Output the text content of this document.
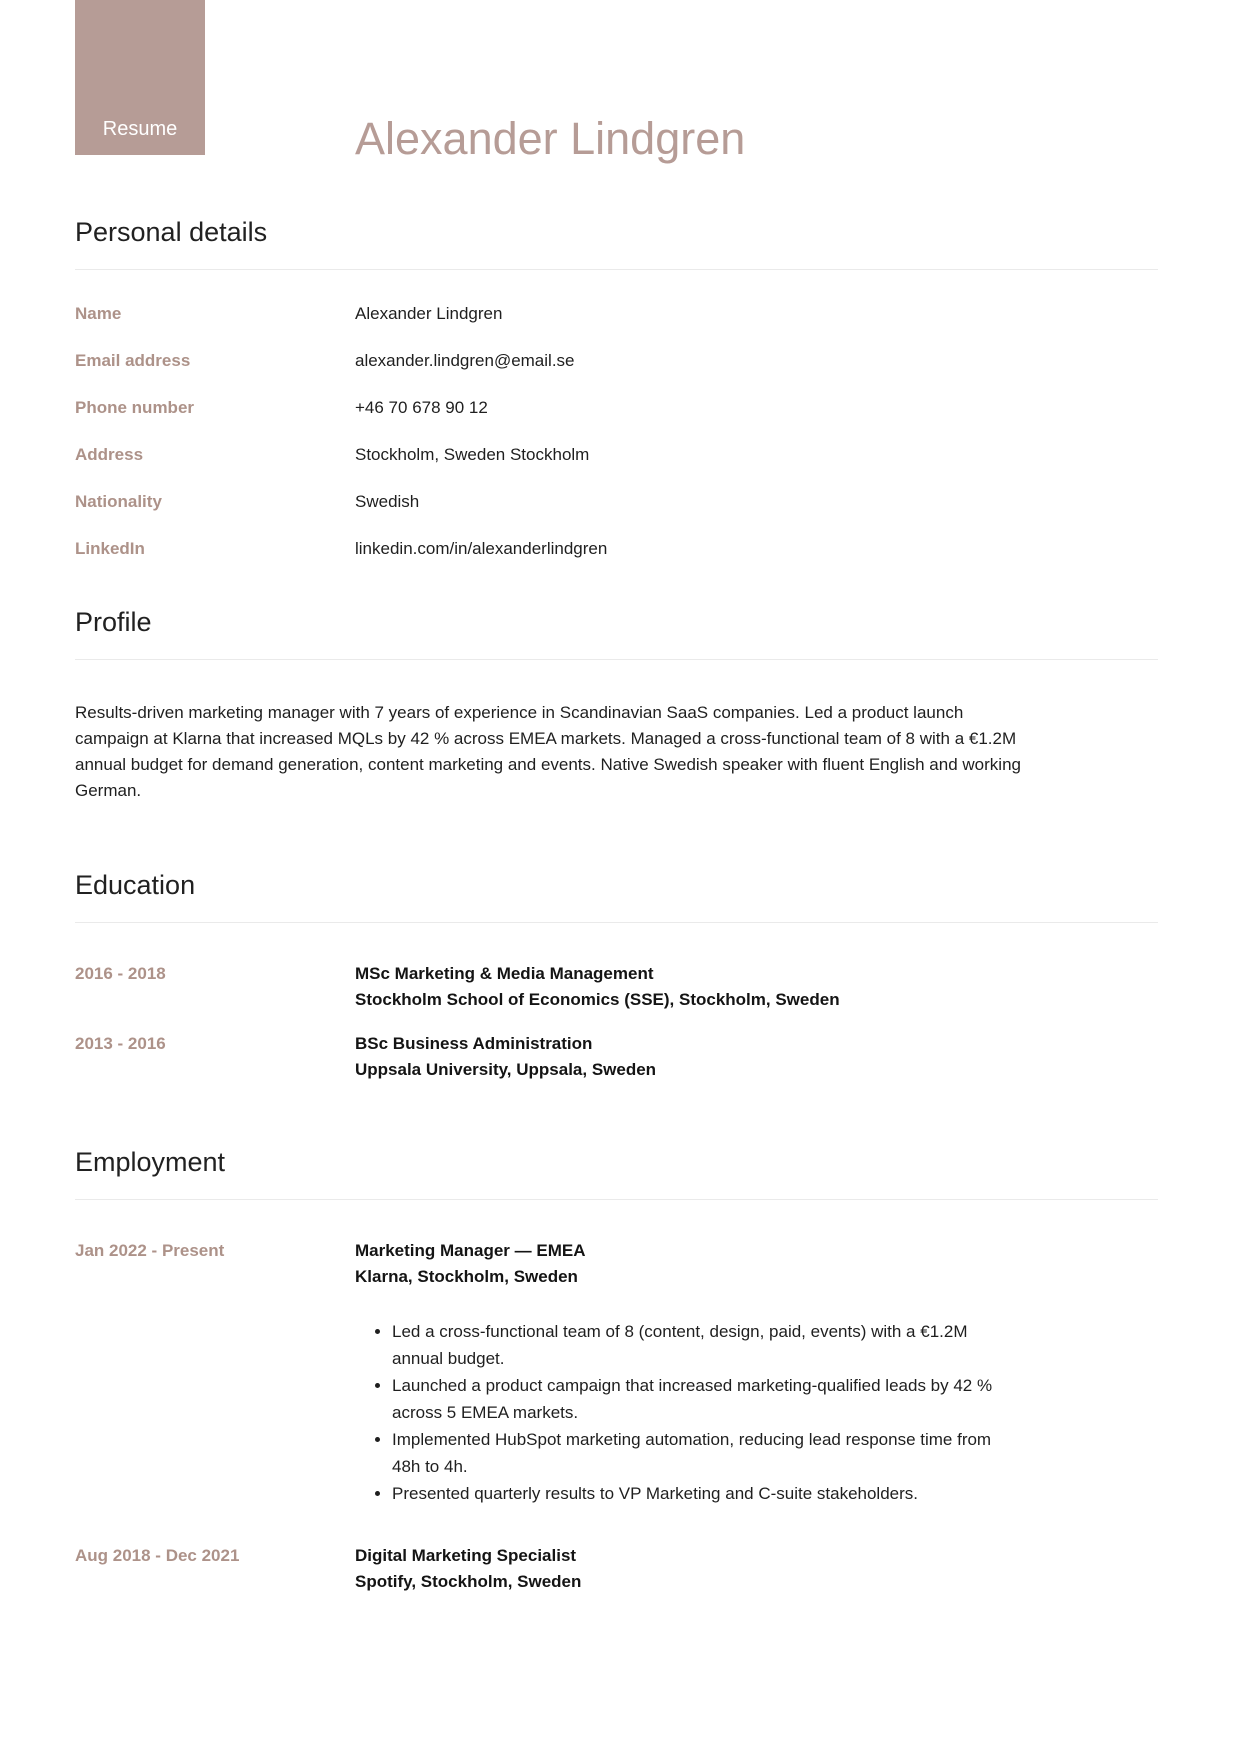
Resume	Alexander Lindgren
Personal details
Name	Alexander Lindgren
Email address	alexander.lindgren@email.se
Phone number	+46 70 678 90 12
Address	Stockholm, Sweden Stockholm
Nationality	Swedish
LinkedIn	linkedin.com/in/alexanderlindgren
Profile

Results-driven marketing manager with 7 years of experience in Scandinavian SaaS companies. Led a product launch campaign at Klarna that increased MQLs by 42 % across EMEA markets. Managed a cross-functional team of 8 with a €1.2M annual budget for demand generation, content marketing and events. Native Swedish speaker with fluent English and working German.

Education
2016 - 2018	MSc Marketing & Media Management
Stockholm School of Economics (SSE), Stockholm, Sweden
2013 - 2016	BSc Business Administration
Uppsala University, Uppsala, Sweden
Employment
Jan 2022 - Present	Marketing Manager — EMEA
Klarna, Stockholm, Sweden
• Led a cross-functional team of 8 (content, design, paid, events) with a €1.2M annual budget.
• Launched a product campaign that increased marketing-qualified leads by 42 % across 5 EMEA markets.
• Implemented HubSpot marketing automation, reducing lead response time from 48h to 4h.
• Presented quarterly results to VP Marketing and C-suite stakeholders.
Aug 2018 - Dec 2021	Digital Marketing Specialist
Spotify, Stockholm, Sweden
